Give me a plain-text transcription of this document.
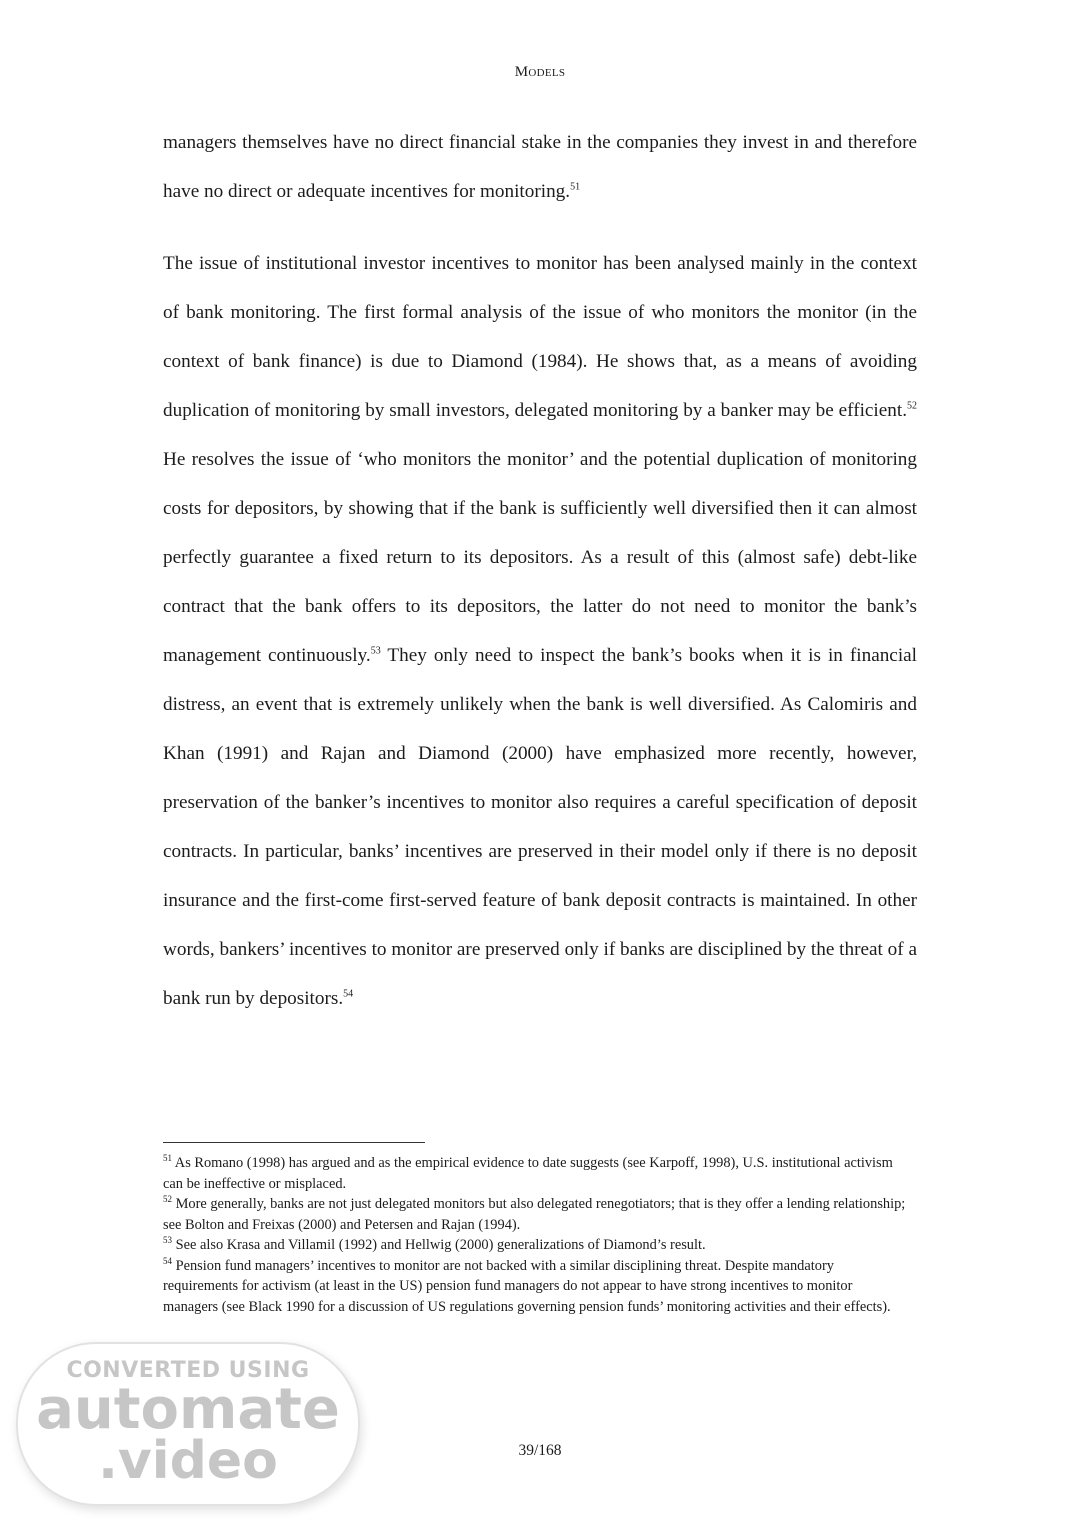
Models

managers themselves have no direct financial stake in the companies they invest in and therefore have no direct or adequate incentives for monitoring.$^{51}$

The issue of institutional investor incentives to monitor has been analysed mainly in the context of bank monitoring. The first formal analysis of the issue of who monitors the monitor (in the context of bank finance) is due to Diamond (1984). He shows that, as a means of avoiding duplication of monitoring by small investors, delegated monitoring by a banker may be efficient.$^{52}$ He resolves the issue of ‘who monitors the monitor’ and the potential duplication of monitoring costs for depositors, by showing that if the bank is sufficiently well diversified then it can almost perfectly guarantee a fixed return to its depositors. As a result of this (almost safe) debt-like contract that the bank offers to its depositors, the latter do not need to monitor the bank’s management continuously.$^{53}$ They only need to inspect the bank’s books when it is in financial distress, an event that is extremely unlikely when the bank is well diversified. As Calomiris and Khan (1991) and Rajan and Diamond (2000) have emphasized more recently, however, preservation of the banker’s incentives to monitor also requires a careful specification of deposit contracts. In particular, banks’ incentives are preserved in their model only if there is no deposit insurance and the first-come first-served feature of bank deposit contracts is maintained. In other words, bankers’ incentives to monitor are preserved only if banks are disciplined by the threat of a bank run by depositors.$^{54}$

$^{51}$ As Romano (1998) has argued and as the empirical evidence to date suggests (see Karpoff, 1998), U.S. institutional activism can be ineffective or misplaced.

$^{52}$ More generally, banks are not just delegated monitors but also delegated renegotiators; that is they offer a lending relationship; see Bolton and Freixas (2000) and Petersen and Rajan (1994).

$^{53}$ See also Krasa and Villamil (1992) and Hellwig (2000) generalizations of Diamond’s result.

$^{54}$ Pension fund managers’ incentives to monitor are not backed with a similar disciplining threat. Despite mandatory requirements for activism (at least in the US) pension fund managers do not appear to have strong incentives to monitor managers (see Black 1990 for a discussion of US regulations governing pension funds’ monitoring activities and their effects).

39/168
CONVERTED USING
automate
.video
